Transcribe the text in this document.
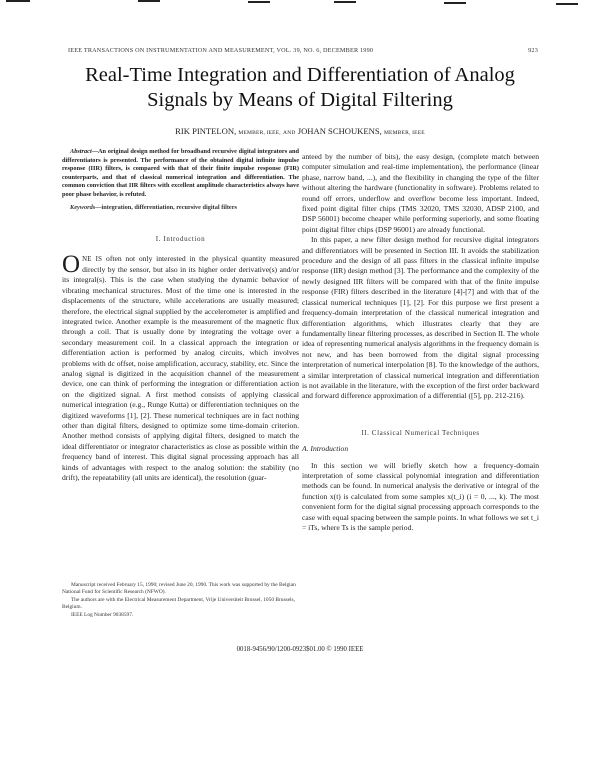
IEEE TRANSACTIONS ON INSTRUMENTATION AND MEASUREMENT, VOL. 39, NO. 6, DECEMBER 1990	923
Real-Time Integration and Differentiation of Analog
Signals by Means of Digital Filtering
RIK PINTELON, MEMBER, IEEE, AND JOHAN SCHOUKENS, MEMBER, IEEE

Abstract—An original design method for broadband recursive digital integrators and differentiators is presented. The performance of the obtained digital infinite impulse response (IIR) filters, is compared with that of their finite impulse response (FIR) counterparts, and that of classical numerical integration and differentiation. The common conviction that IIR filters with excellent amplitude characteristics always have poor phase behavior, is refuted.

Keywords—integration, differentiation, recursive digital filters

I. Introduction

ONE IS often not only interested in the physical quantity measured directly by the sensor, but also in its higher order derivative(s) and/or its integral(s). This is the case when studying the dynamic behavior of vibrating mechanical structures. Most of the time one is interested in the displacements of the structure, while accelerations are usually measured; therefore, the electrical signal supplied by the accelerometer is amplified and integrated twice. Another example is the measurement of the magnetic flux through a coil. That is usually done by integrating the voltage over a secondary measurement coil. In a classical approach the integration or differentiation action is performed by analog circuits, which involves problems with dc offset, noise amplification, accuracy, stability, etc. Since the analog signal is digitized in the acquisition channel of the measurement device, one can think of performing the integration or differentiation action on the digitized signal. A first method consists of applying classical numerical integration (e.g., Runge Kutta) or differentiation techniques on the digitized waveforms [1], [2]. These numerical techniques are in fact nothing other than digital filters, designed to optimize some time-domain criterion. Another method consists of applying digital filters, designed to match the ideal differentiator or integrator characteristics as close as possible within the frequency band of interest. This digital signal processing approach has all kinds of advantages with respect to the analog solution: the stability (no drift), the repeatability (all units are identical), the resolution (guar-

Manuscript received February 15, 1990; revised June 20, 1990. This work was supported by the Belgian National Fund for Scientific Research (NFWO).

The authors are with the Electrical Measurement Department, Vrije Universiteit Brussel, 1050 Brussels, Belgium.

IEEE Log Number 9038597.

anteed by the number of bits), the easy design, (complete match between computer simulation and real-time implementation), the performance (linear phase, narrow band, ...), and the flexibility in changing the type of the filter without altering the hardware (functionality in software). Problems related to round off errors, underflow and overflow become less important. Indeed, fixed point digital filter chips (TMS 32020, TMS 32030, ADSP 2100, and DSP 56001) become cheaper while performing superiorly, and some floating point digital filter chips (DSP 96001) are already functional.

In this paper, a new filter design method for recursive digital integrators and differentiators will be presented in Section III. It avoids the stabilization procedure and the design of all pass filters in the classical infinite impulse response (IIR) design method [3]. The performance and the complexity of the newly designed IIR filters will be compared with that of the finite impulse response (FIR) filters described in the literature [4]-[7] and with that of the classical numerical techniques [1], [2]. For this purpose we first present a frequency-domain interpretation of the classical numerical integration and differentiation algorithms, which illustrates clearly that they are fundamentally linear filtering processes, as described in Section II. The whole idea of representing numerical analysis algorithms in the frequency domain is not new, and has been borrowed from the digital signal processing interpretation of numerical interpolation [8]. To the knowledge of the authors, a similar interpretation of classical numerical integration and differentiation is not available in the literature, with the exception of the first order backward and forward difference approximation of a differential ([5], pp. 212-216).

II. Classical Numerical Techniques
A. Introduction

In this section we will briefly sketch how a frequency-domain interpretation of some classical polynomial integration and differentiation methods can be found. In numerical analysis the derivative or integral of the function x(t) is calculated from some samples x(t_i) (i = 0, ..., k). The most convenient form for the digital signal processing approach corresponds to the case with equal spacing between the sample points. In what follows we set t_i = iTs, where Ts is the sample period.

0018-9456/90/1200-0923$01.00 © 1990 IEEE
